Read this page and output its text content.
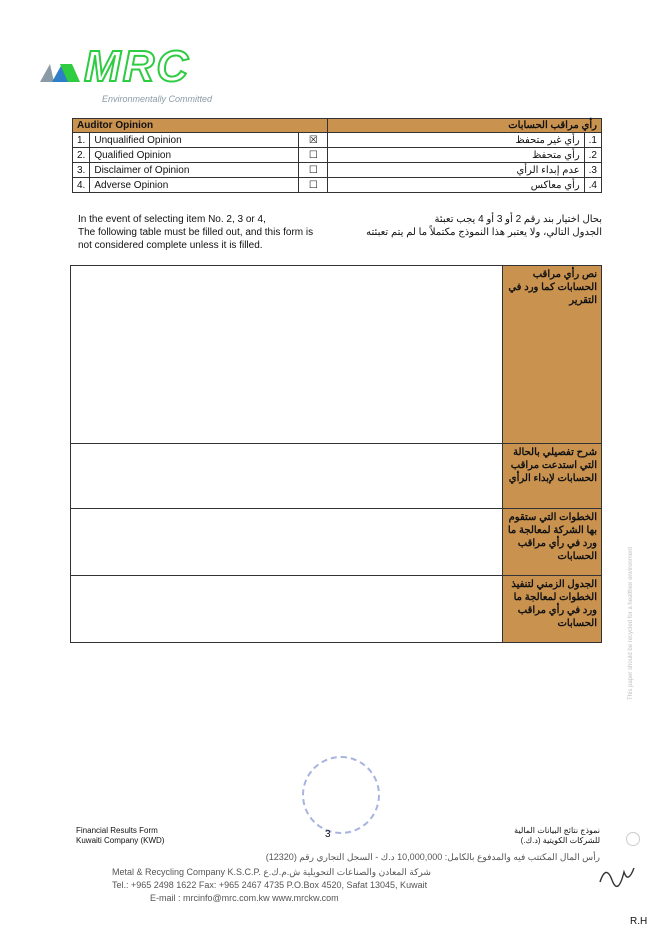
MRC
Environmentally Committed
Auditor Opinion			رأي مراقب الحسابات	
1.	Unqualified Opinion	☒	رأي غير متحفظ	.1
2.	Qualified Opinion	☐	رأي متحفظ	.2
3.	Disclaimer of Opinion	☐	عدم إبداء الرأي	.3
4.	Adverse Opinion	☐	رأي معاكس	.4
In the event of selecting item No. 2, 3 or 4,
The following table must be filled out, and this form is
not considered complete unless it is filled.
بحال اختيار بند رقم 2 أو 3 أو 4 يجب تعبئة
الجدول التالي، ولا يعتبر هذا النموذج مكتملاً ما لم يتم تعبئته
	نص رأي مراقب الحسابات كما ورد في التقرير
	شرح تفصيلي بالحالة التي استدعت مراقب الحسابات لإبداء الرأي
	الخطوات التي ستقوم بها الشركة لمعالجة ما ورد في رأي مراقب الحسابات
	الجدول الزمني لتنفيذ الخطوات لمعالجة ما ورد في رأي مراقب الحسابات
3
Financial Results Form
Kuwaiti Company (KWD)
نموذج نتائج البيانات المالية
للشركات الكويتية (د.ك.)
رأس المال المكتتب فيه والمدفوع بالكامل: 10,000,000 د.ك - السجل التجاري رقم (12320)
Metal & Recycling Company K.S.C.P. شركة المعادن والصناعات التحويلية ش.م.ك.ع
Tel.: +965 2498 1622 Fax: +965 2467 4735 P.O.Box 4520, Safat 13045, Kuwait
E-mail : mrcinfo@mrc.com.kw www.mrckw.com
This paper should be recycled for a healthier environment
R.H
